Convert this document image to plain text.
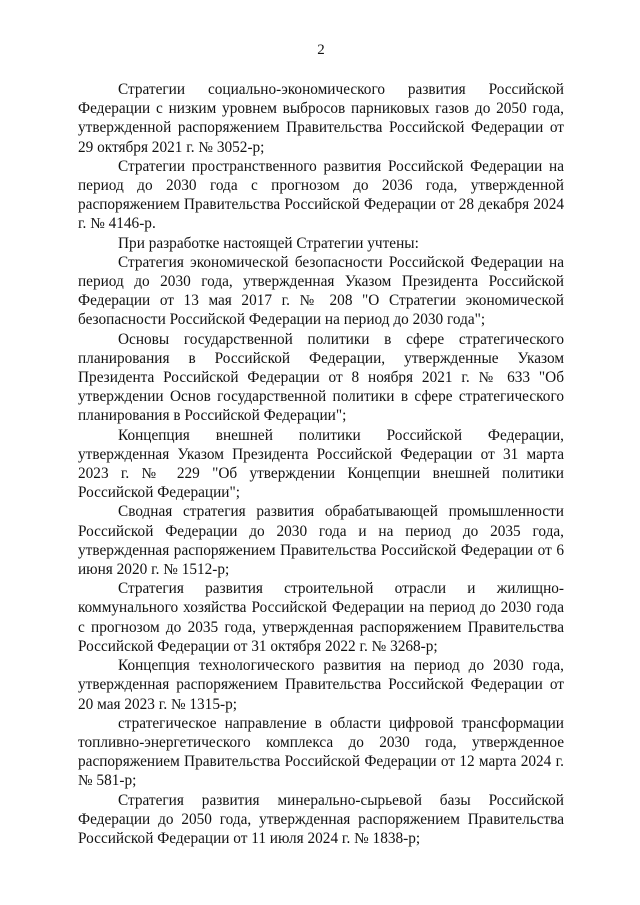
2

Стратегии социально-экономического развития Российской Федерации с низким уровнем выбросов парниковых газов до 2050 года, утвержденной распоряжением Правительства Российской Федерации от 29 октября 2021 г. № 3052-р;

Стратегии пространственного развития Российской Федерации на период до 2030 года с прогнозом до 2036 года, утвержденной распоряжением Правительства Российской Федерации от 28 декабря 2024 г. № 4146-р.

При разработке настоящей Стратегии учтены:

Стратегия экономической безопасности Российской Федерации на период до 2030 года, утвержденная Указом Президента Российской Федерации от 13 мая 2017 г. № 208 "О Стратегии экономической безопасности Российской Федерации на период до 2030 года";

Основы государственной политики в сфере стратегического планирования в Российской Федерации, утвержденные Указом Президента Российской Федерации от 8 ноября 2021 г. № 633 "Об утверждении Основ государственной политики в сфере стратегического планирования в Российской Федерации";

Концепция внешней политики Российской Федерации, утвержденная Указом Президента Российской Федерации от 31 марта 2023 г. № 229 "Об утверждении Концепции внешней политики Российской Федерации";

Сводная стратегия развития обрабатывающей промышленности Российской Федерации до 2030 года и на период до 2035 года, утвержденная распоряжением Правительства Российской Федерации от 6 июня 2020 г. № 1512-р;

Стратегия развития строительной отрасли и жилищно-коммунального хозяйства Российской Федерации на период до 2030 года с прогнозом до 2035 года, утвержденная распоряжением Правительства Российской Федерации от 31 октября 2022 г. № 3268-р;

Концепция технологического развития на период до 2030 года, утвержденная распоряжением Правительства Российской Федерации от 20 мая 2023 г. № 1315-р;

стратегическое направление в области цифровой трансформации топливно-энергетического комплекса до 2030 года, утвержденное распоряжением Правительства Российской Федерации от 12 марта 2024 г. № 581-р;

Стратегия развития минерально-сырьевой базы Российской Федерации до 2050 года, утвержденная распоряжением Правительства Российской Федерации от 11 июля 2024 г. № 1838-р;
